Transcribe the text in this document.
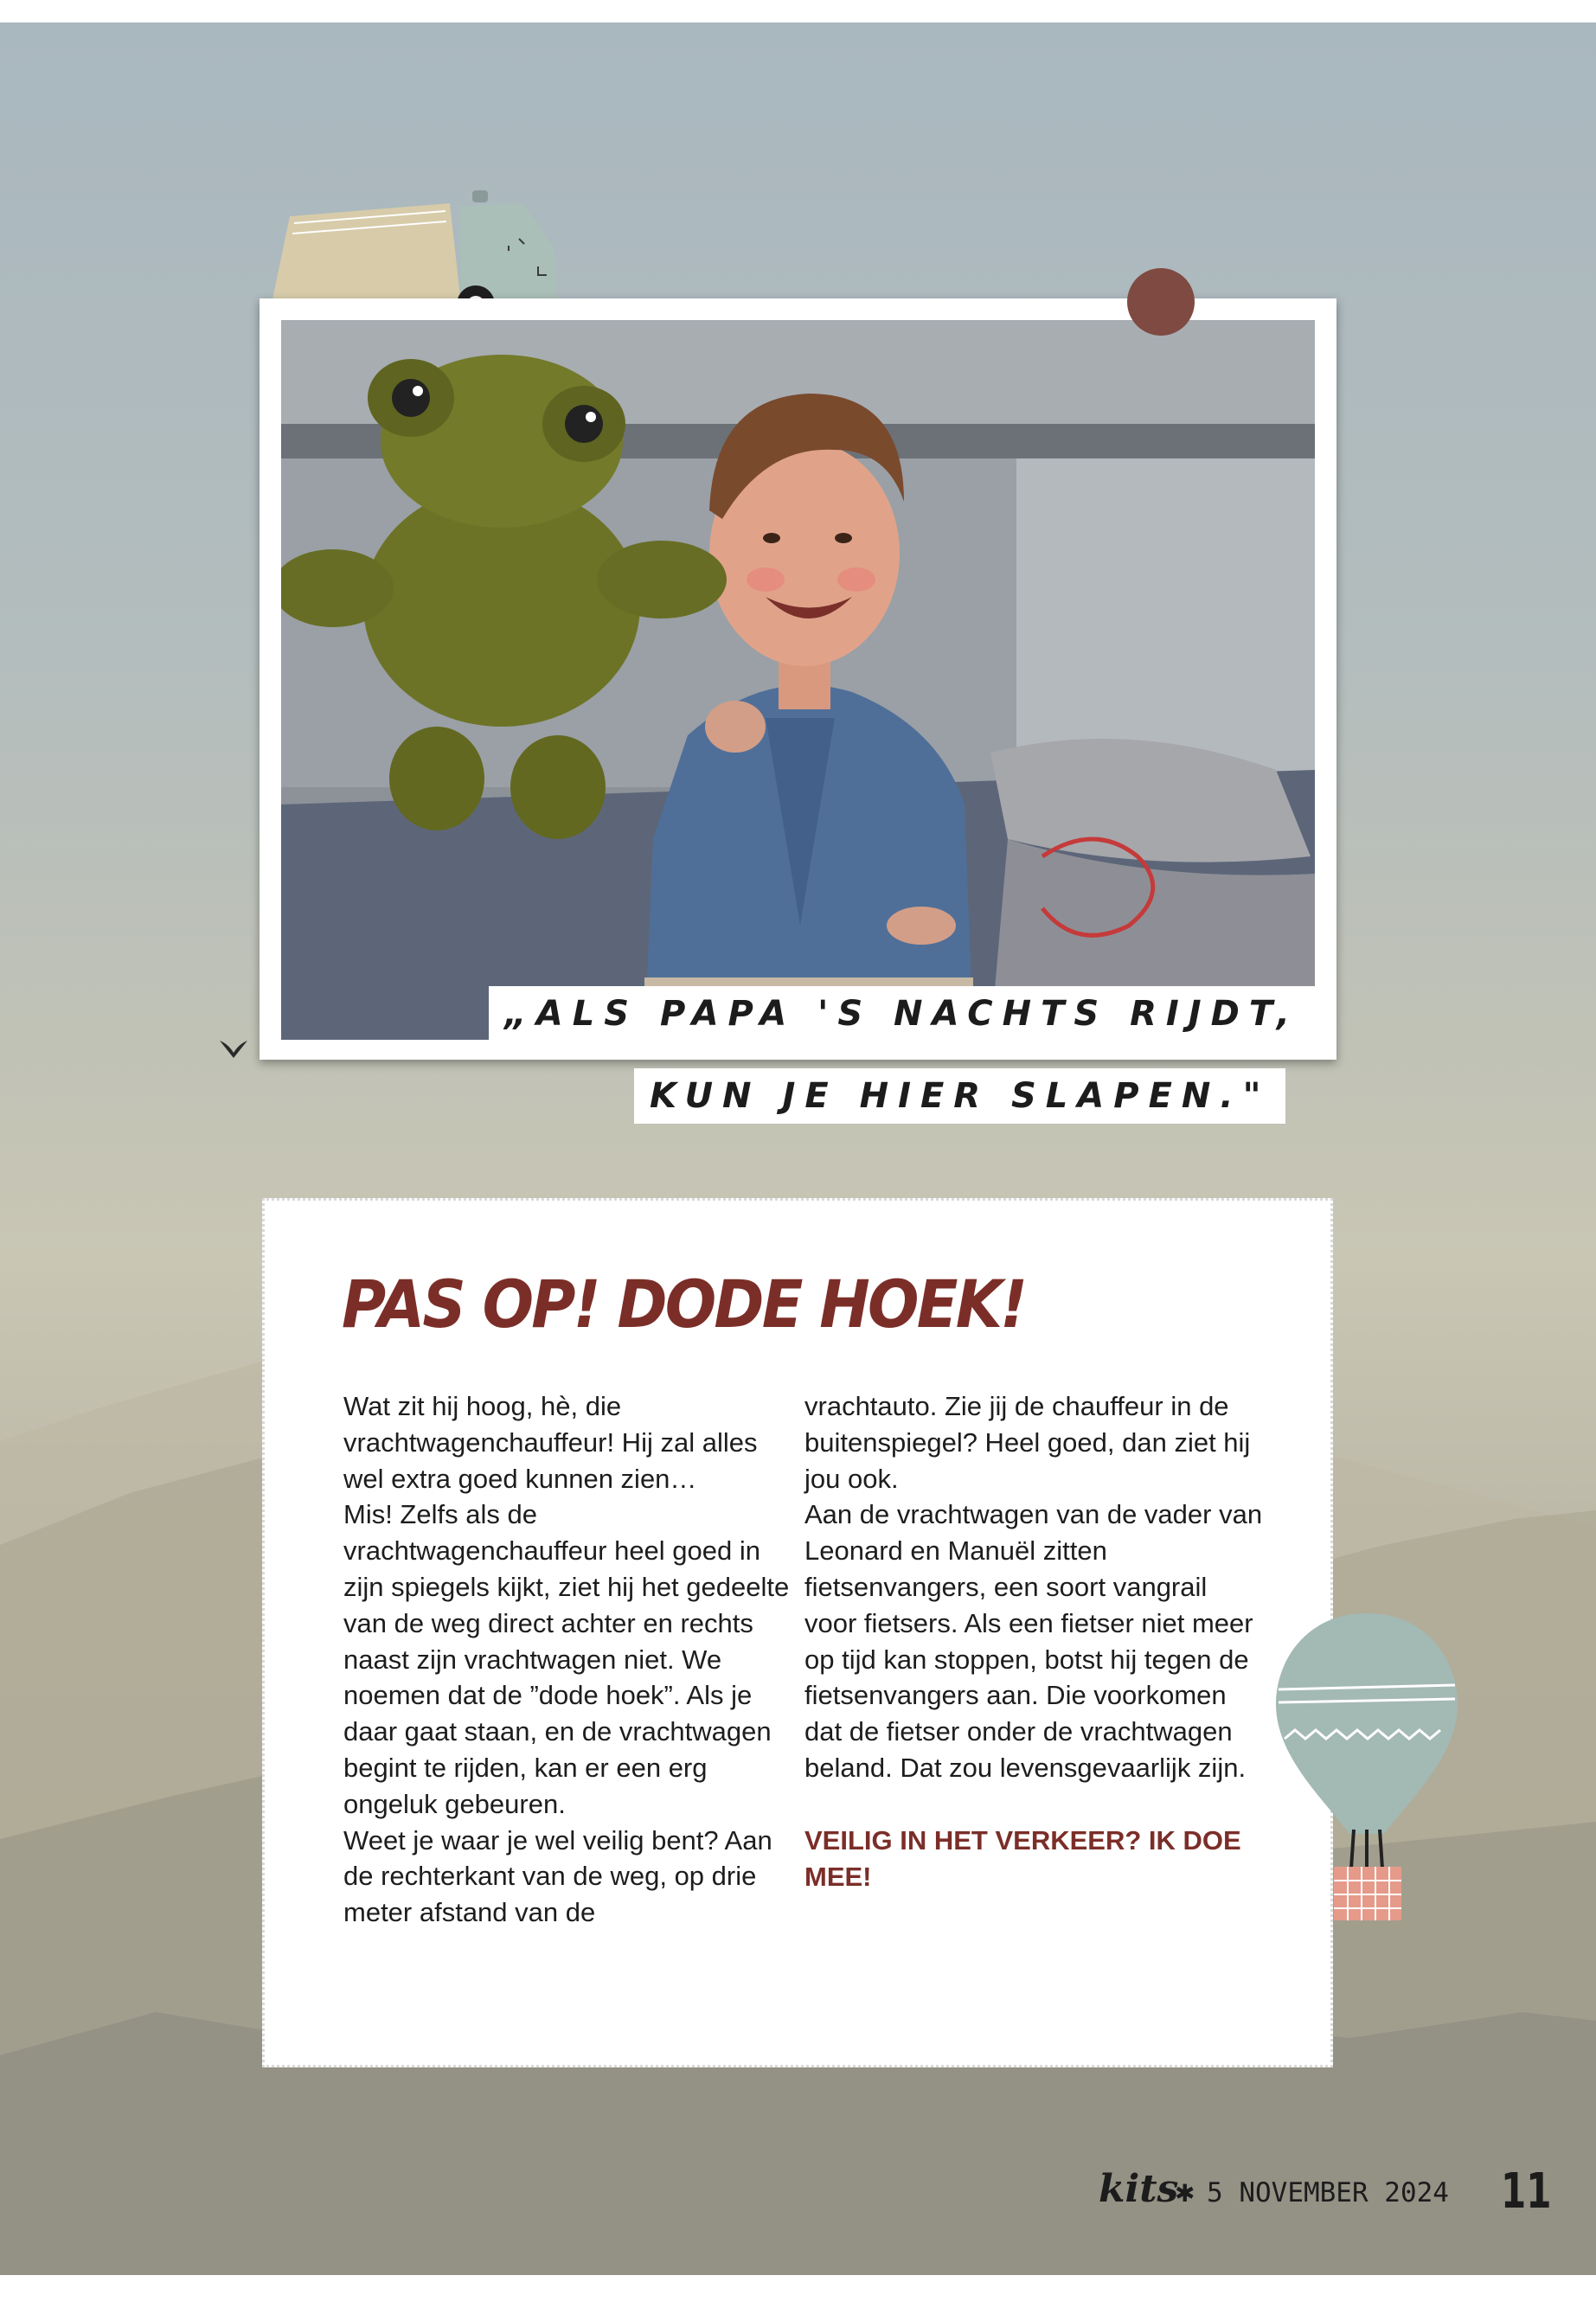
„ALS PAPA 'S NACHTS RIJDT,
KUN JE HIER SLAPEN."
PAS OP! DODE HOEK!

Wat zit hij hoog, hè, die vrachtwagenchauffeur! Hij zal alles wel extra goed kunnen zien…

Mis! Zelfs als de vrachtwagenchauffeur heel goed in zijn spiegels kijkt, ziet hij het gedeelte van de weg direct achter en rechts naast zijn vrachtwagen niet. We noemen dat de ”dode hoek”. Als je daar gaat staan, en de vrachtwagen begint te rijden, kan er een erg ongeluk gebeuren.

Weet je waar je wel veilig bent? Aan de rechterkant van de weg, op drie meter afstand van de

vrachtauto. Zie jij de chauffeur in de buitenspiegel? Heel goed, dan ziet hij jou ook.

Aan de vrachtwagen van de vader van Leonard en Manuël zitten fietsenvangers, een soort vangrail voor fietsers. Als een fietser niet meer op tijd kan stoppen, botst hij tegen de fietsenvangers aan. Die voorkomen dat de fietser onder de vrachtwagen beland. Dat zou levensgevaarlijk zijn.

VEILIG IN HET VERKEER? IK DOE MEE!

kits
✱ 5 NOVEMBER 2024 11
